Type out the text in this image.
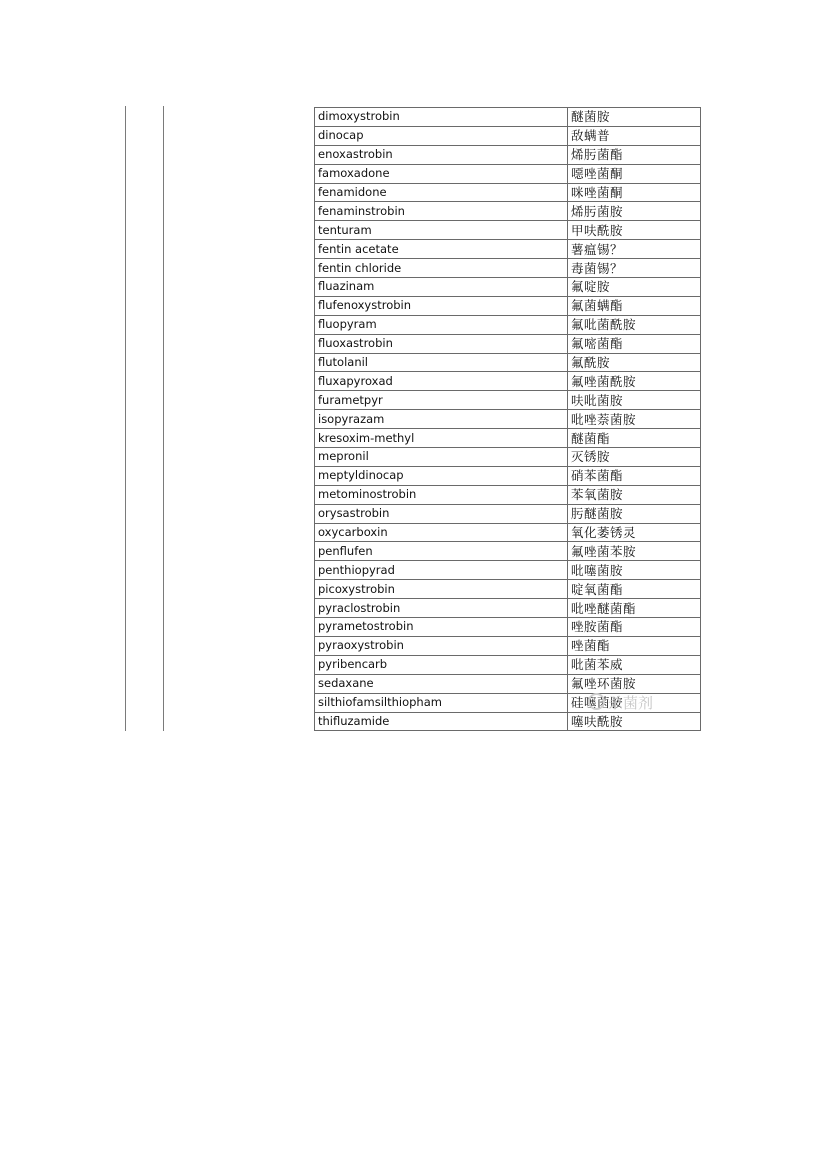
dimoxystrobin	醚菌胺
dinocap	敌螨普
enoxastrobin	烯肟菌酯
famoxadone	噁唑菌酮
fenamidone	咪唑菌酮
fenaminstrobin	烯肟菌胺
tenturam	甲呋酰胺
fentin acetate	薯瘟锡？
fentin chloride	毒菌锡？
fluazinam	氟啶胺
flufenoxystrobin	氟菌螨酯
fluopyram	氟吡菌酰胺
fluoxastrobin	氟嘧菌酯
flutolanil	氟酰胺
fluxapyroxad	氟唑菌酰胺
furametpyr	呋吡菌胺
isopyrazam	吡唑萘菌胺
kresoxim-methyl	醚菌酯
mepronil	灭锈胺
meptyldinocap	硝苯菌酯
metominostrobin	苯氧菌胺
orysastrobin	肟醚菌胺
oxycarboxin	氧化萎锈灵
penflufen	氟唑菌苯胺
penthiopyrad	吡噻菌胺
picoxystrobin	啶氧菌酯
pyraclostrobin	吡唑醚菌酯
pyrametostrobin	唑胺菌酯
pyraoxystrobin	唑菌酯
pyribencarb	吡菌苯威
sedaxane	氟唑环菌胺
silthiofamsilthiopham	硅噻菌胺
thifluzamide	噻呋酰胺
杀菌剂
